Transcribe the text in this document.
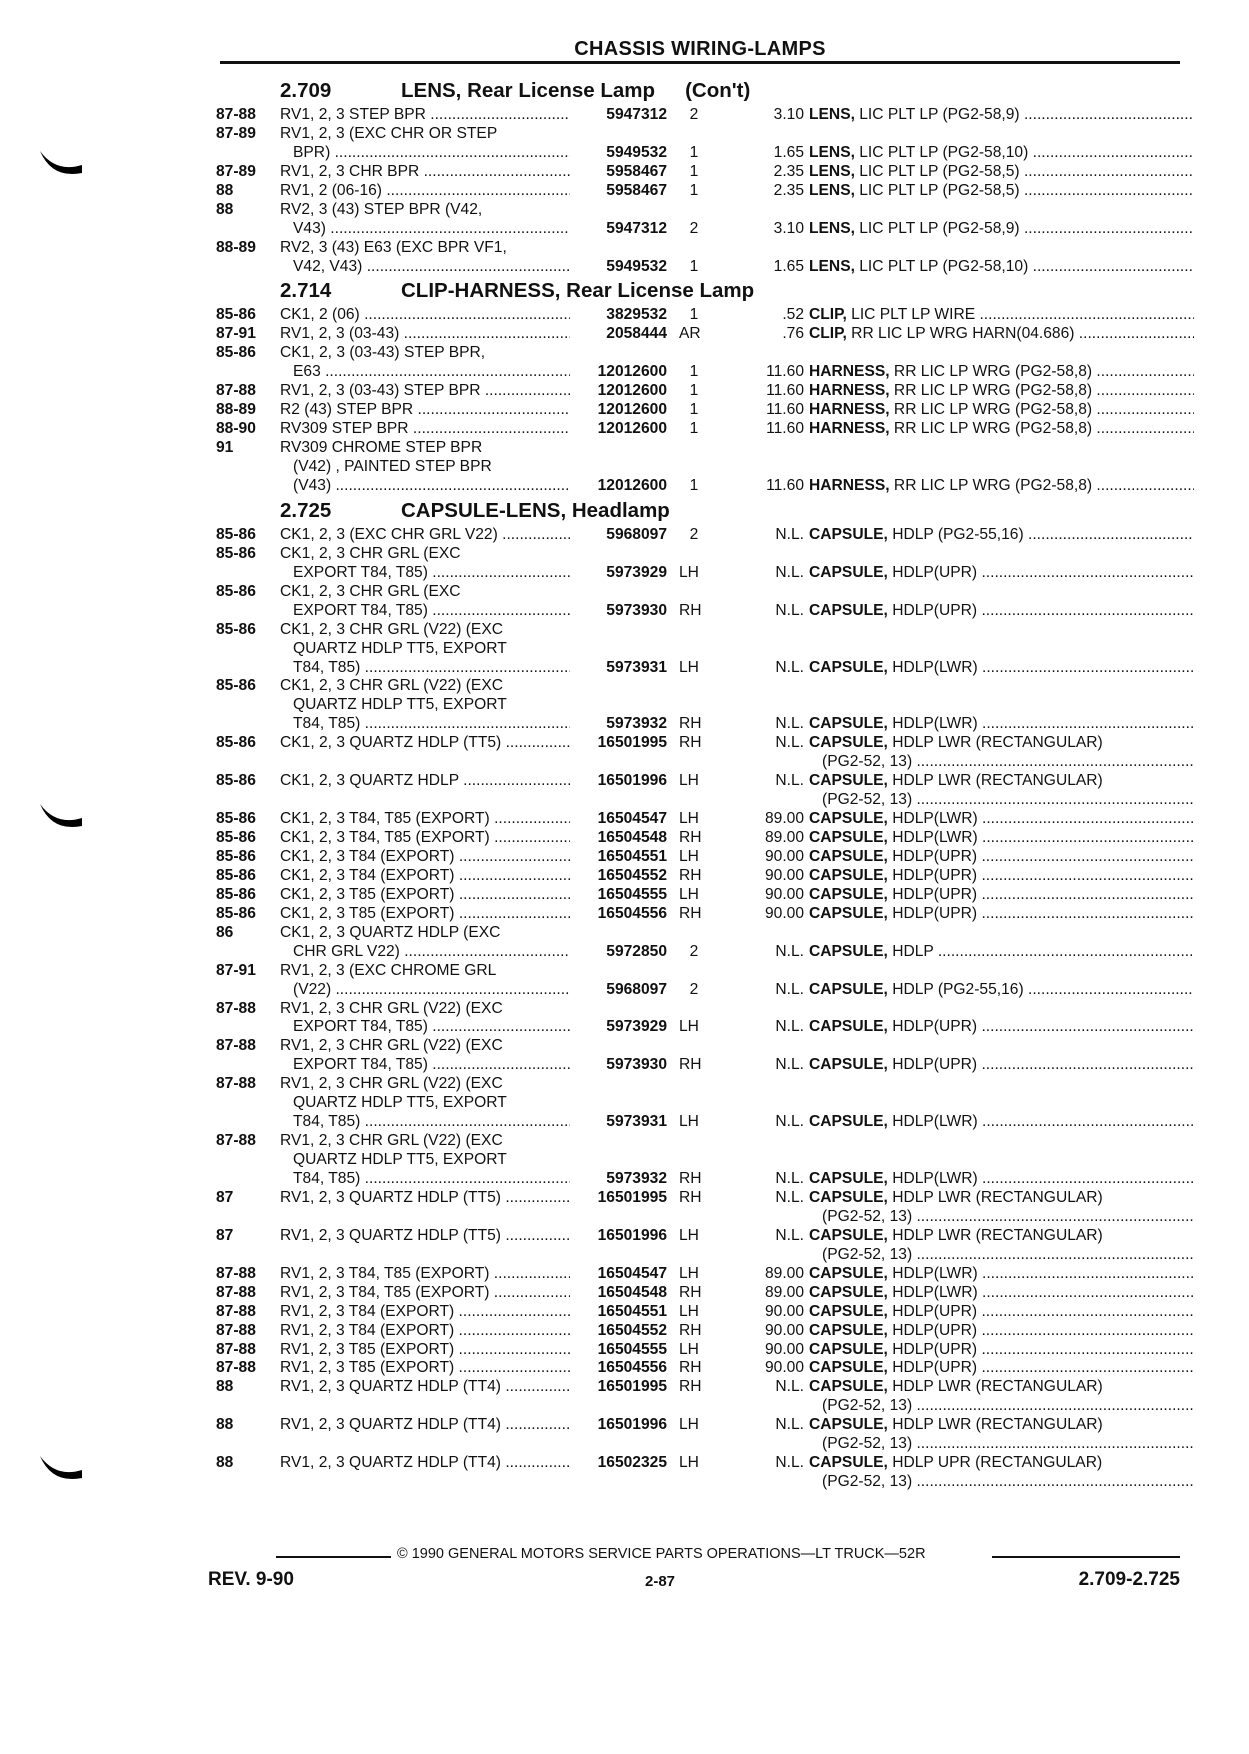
CHASSIS WIRING-LAMPS
2.709	LENS, Rear License Lamp (Con't)
87-88 RV1, 2, 3 STEP BPR .....	5947312	2	3.10 LENS, LIC PLT LP (PG2-58,9) .....
87-89 RV1, 2, 3 (EXC CHR OR STEP
BPR) .....	5949532	1	1.65 LENS, LIC PLT LP (PG2-58,10) .....
87-89 RV1, 2, 3 CHR BPR .....	5958467	1	2.35 LENS, LIC PLT LP (PG2-58,5) .....
88	RV1, 2 (06-16) .....	5958467	1	2.35 LENS, LIC PLT LP (PG2-58,5) .....
88	RV2, 3 (43) STEP BPR (V42,
V43) .....	5947312	2	3.10 LENS, LIC PLT LP (PG2-58,9) .....
88-89 RV2, 3 (43) E63 (EXC BPR VF1,
V42, V43) .....	5949532	1	1.65 LENS, LIC PLT LP (PG2-58,10) .....
2.714	CLIP-HARNESS, Rear License Lamp
85-86 CK1, 2 (06) .....	3829532	1	.52 CLIP, LIC PLT LP WIRE .....
87-91 RV1, 2, 3 (03-43) .....	2058444 AR	.76 CLIP, RR LIC LP WRG HARN(04.686) .....
85-86 CK1, 2, 3 (03-43) STEP BPR,
E63 .....	12012600	1	11.60 HARNESS, RR LIC LP WRG (PG2-58,8) .....
87-88 RV1, 2, 3 (03-43) STEP BPR .....	12012600	1	11.60 HARNESS, RR LIC LP WRG (PG2-58,8) .....
88-89 R2 (43) STEP BPR .....	12012600	1	11.60 HARNESS, RR LIC LP WRG (PG2-58,8) .....
88-90 RV309 STEP BPR .....	12012600	1	11.60 HARNESS, RR LIC LP WRG (PG2-58,8) .....
91	RV309 CHROME STEP BPR
(V42) , PAINTED STEP BPR
(V43) .....	12012600	1	11.60 HARNESS, RR LIC LP WRG (PG2-58,8) .....
2.725	CAPSULE-LENS, Headlamp
85-86 CK1, 2, 3 (EXC CHR GRL V22) .....	5968097	2	N.L. CAPSULE, HDLP (PG2-55,16) .....
85-86 CK1, 2, 3 CHR GRL (EXC
EXPORT T84, T85) .....	5973929 LH	N.L. CAPSULE, HDLP(UPR) .....
85-86 CK1, 2, 3 CHR GRL (EXC
EXPORT T84, T85) .....	5973930 RH	N.L. CAPSULE, HDLP(UPR) .....
85-86 CK1, 2, 3 CHR GRL (V22) (EXC
QUARTZ HDLP TT5, EXPORT
T84, T85) .....	5973931 LH	N.L. CAPSULE, HDLP(LWR) .....
85-86 CK1, 2, 3 CHR GRL (V22) (EXC
QUARTZ HDLP TT5, EXPORT
T84, T85) .....	5973932 RH	N.L. CAPSULE, HDLP(LWR) .....
85-86 CK1, 2, 3 QUARTZ HDLP (TT5) .....	16501995 RH	N.L. CAPSULE, HDLP LWR (RECTANGULAR)
(PG2-52, 13) .....
85-86 CK1, 2, 3 QUARTZ HDLP .....	16501996 LH	N.L. CAPSULE, HDLP LWR (RECTANGULAR)
(PG2-52, 13) .....
85-86 CK1, 2, 3 T84, T85 (EXPORT) .....	16504547 LH	89.00 CAPSULE, HDLP(LWR) .....
85-86 CK1, 2, 3 T84, T85 (EXPORT) .....	16504548 RH	89.00 CAPSULE, HDLP(LWR) .....
85-86 CK1, 2, 3 T84 (EXPORT) .....	16504551 LH	90.00 CAPSULE, HDLP(UPR) .....
85-86 CK1, 2, 3 T84 (EXPORT) .....	16504552 RH	90.00 CAPSULE, HDLP(UPR) .....
85-86 CK1, 2, 3 T85 (EXPORT) .....	16504555 LH	90.00 CAPSULE, HDLP(UPR) .....
85-86 CK1, 2, 3 T85 (EXPORT) .....	16504556 RH	90.00 CAPSULE, HDLP(UPR) .....
86	CK1, 2, 3 QUARTZ HDLP (EXC
CHR GRL V22) .....	5972850	2	N.L. CAPSULE, HDLP .....
87-91 RV1, 2, 3 (EXC CHROME GRL
(V22) .....	5968097	2	N.L. CAPSULE, HDLP (PG2-55,16) .....
87-88 RV1, 2, 3 CHR GRL (V22) (EXC
EXPORT T84, T85) .....	5973929 LH	N.L. CAPSULE, HDLP(UPR) .....
87-88 RV1, 2, 3 CHR GRL (V22) (EXC
EXPORT T84, T85) .....	5973930 RH	N.L. CAPSULE, HDLP(UPR) .....
87-88 RV1, 2, 3 CHR GRL (V22) (EXC
QUARTZ HDLP TT5, EXPORT
T84, T85) .....	5973931 LH	N.L. CAPSULE, HDLP(LWR) .....
87-88 RV1, 2, 3 CHR GRL (V22) (EXC
QUARTZ HDLP TT5, EXPORT
T84, T85) .....	5973932 RH	N.L. CAPSULE, HDLP(LWR) .....
87	RV1, 2, 3 QUARTZ HDLP (TT5) .....	16501995 RH	N.L. CAPSULE, HDLP LWR (RECTANGULAR)
(PG2-52, 13) .....
87	RV1, 2, 3 QUARTZ HDLP (TT5) .....	16501996 LH	N.L. CAPSULE, HDLP LWR (RECTANGULAR)
(PG2-52, 13) .....
87-88 RV1, 2, 3 T84, T85 (EXPORT) .....	16504547 LH	89.00 CAPSULE, HDLP(LWR) .....
87-88 RV1, 2, 3 T84, T85 (EXPORT) .....	16504548 RH	89.00 CAPSULE, HDLP(LWR) .....
87-88 RV1, 2, 3 T84 (EXPORT) .....	16504551 LH	90.00 CAPSULE, HDLP(UPR) .....
87-88 RV1, 2, 3 T84 (EXPORT) .....	16504552 RH	90.00 CAPSULE, HDLP(UPR) .....
87-88 RV1, 2, 3 T85 (EXPORT) .....	16504555 LH	90.00 CAPSULE, HDLP(UPR) .....
87-88 RV1, 2, 3 T85 (EXPORT) .....	16504556 RH	90.00 CAPSULE, HDLP(UPR) .....
88	RV1, 2, 3 QUARTZ HDLP (TT4) .....	16501995 RH	N.L. CAPSULE, HDLP LWR (RECTANGULAR)
(PG2-52, 13) .....
88	RV1, 2, 3 QUARTZ HDLP (TT4) .....	16501996 LH	N.L. CAPSULE, HDLP LWR (RECTANGULAR)
(PG2-52, 13) .....
88	RV1, 2, 3 QUARTZ HDLP (TT4) .....	16502325 LH	N.L. CAPSULE, HDLP UPR (RECTANGULAR)
(PG2-52, 13) .....
© 1990 GENERAL MOTORS SERVICE PARTS OPERATIONS—LT TRUCK—52R
REV. 9-90	2-87	2.709-2.725
